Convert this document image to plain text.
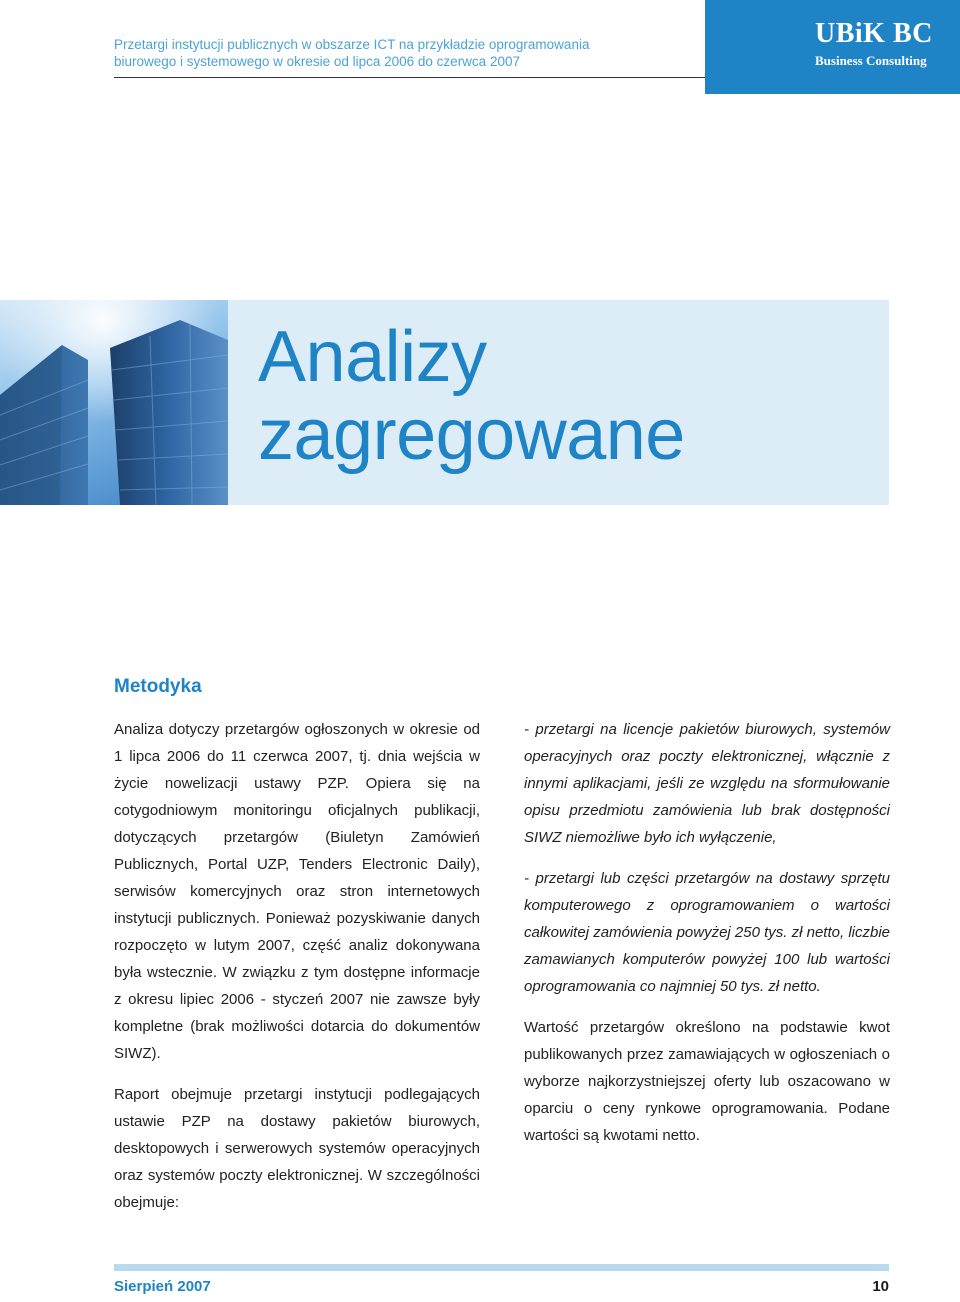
Przetargi instytucji publicznych w obszarze ICT na przykładzie oprogramowania
biurowego i systemowego w okresie od lipca 2006 do czerwca 2007
UBiK BC
Business Consulting
Analizy
zagregowane
Metodyka

Analiza dotyczy przetargów ogłoszonych w okresie od 1 lipca 2006 do 11 czerwca 2007, tj. dnia wejścia w życie nowelizacji ustawy PZP. Opiera się na cotygodniowym monitoringu oficjalnych publikacji, dotyczących przetargów (Biuletyn Zamówień Publicznych, Portal UZP, Tenders Electronic Daily), serwisów komercyjnych oraz stron internetowych instytucji publicznych. Ponieważ pozyskiwanie danych rozpoczęto w lutym 2007, część analiz dokonywana była wstecznie. W związku z tym dostępne informacje z okresu lipiec 2006 - styczeń 2007 nie zawsze były kompletne (brak możliwości dotarcia do dokumentów SIWZ).

Raport obejmuje przetargi instytucji podlegających ustawie PZP na dostawy pakietów biurowych, desktopowych i serwerowych systemów operacyjnych oraz systemów poczty elektronicznej. W szczególności obejmuje:

- przetargi na licencje pakietów biurowych, systemów operacyjnych oraz poczty elektronicznej, włącznie z innymi aplikacjami, jeśli ze względu na sformułowanie opisu przedmiotu zamówienia lub brak dostępności SIWZ niemożliwe było ich wyłączenie,

- przetargi lub części przetargów na dostawy sprzętu komputerowego z oprogramowaniem o wartości całkowitej zamówienia powyżej 250 tys. zł netto, liczbie zamawianych komputerów powyżej 100 lub wartości oprogramowania co najmniej 50 tys. zł netto.

Wartość przetargów określono na podstawie kwot publikowanych przez zamawiających w ogłoszeniach o wyborze najkorzystniejszej oferty lub oszacowano w oparciu o ceny rynkowe oprogramowania. Podane wartości są kwotami netto.

Sierpień 2007	10
